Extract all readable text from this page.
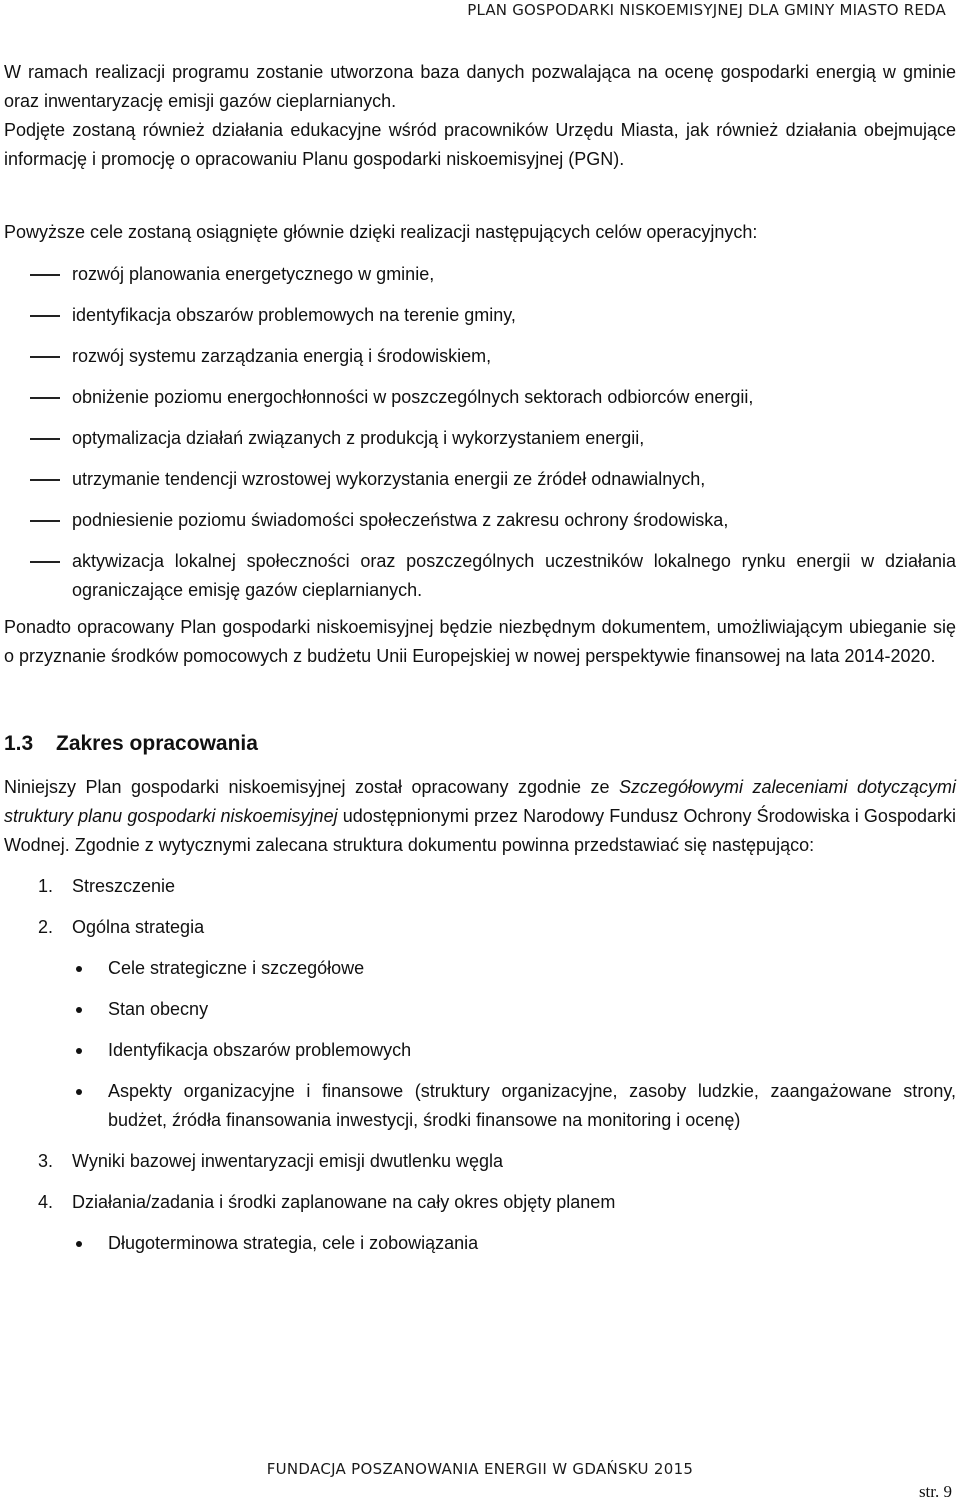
PLAN GOSPODARKI NISKOEMISYJNEJ DLA GMINY MIASTO REDA

W ramach realizacji programu zostanie utworzona baza danych pozwalająca na ocenę gospodarki energią w gminie oraz inwentaryzację emisji gazów cieplarnianych.

Podjęte zostaną również działania edukacyjne wśród pracowników Urzędu Miasta, jak również działania obejmujące informację i promocję o opracowaniu Planu gospodarki niskoemisyjnej (PGN).

Powyższe cele zostaną osiągnięte głównie dzięki realizacji następujących celów operacyjnych:

rozwój planowania energetycznego w gminie,
identyfikacja obszarów problemowych na terenie gminy,
rozwój systemu zarządzania energią i środowiskiem,
obniżenie poziomu energochłonności w poszczególnych sektorach odbiorców energii,
optymalizacja działań związanych z produkcją i wykorzystaniem energii,
utrzymanie tendencji wzrostowej wykorzystania energii ze źródeł odnawialnych,
podniesienie poziomu świadomości społeczeństwa z zakresu ochrony środowiska,
aktywizacja lokalnej społeczności oraz poszczególnych uczestników lokalnego rynku energii w działania ograniczające emisję gazów cieplarnianych.

Ponadto opracowany Plan gospodarki niskoemisyjnej będzie niezbędnym dokumentem, umożliwiającym ubieganie się o przyznanie środków pomocowych z budżetu Unii Europejskiej w nowej perspektywie finansowej na lata 2014-2020.

1.3 Zakres opracowania

Niniejszy Plan gospodarki niskoemisyjnej został opracowany zgodnie ze Szczegółowymi zaleceniami dotyczącymi struktury planu gospodarki niskoemisyjnej udostępnionymi przez Narodowy Fundusz Ochrony Środowiska i Gospodarki Wodnej. Zgodnie z wytycznymi zalecana struktura dokumentu powinna przedstawiać się następująco:

1. Streszczenie
2. Ogólna strategia
Cele strategiczne i szczegółowe
Stan obecny
Identyfikacja obszarów problemowych
Aspekty organizacyjne i finansowe (struktury organizacyjne, zasoby ludzkie, zaangażowane strony, budżet, źródła finansowania inwestycji, środki finansowe na monitoring i ocenę)
3. Wyniki bazowej inwentaryzacji emisji dwutlenku węgla
4. Działania/zadania i środki zaplanowane na cały okres objęty planem
Długoterminowa strategia, cele i zobowiązania
FUNDACJA POSZANOWANIA ENERGII W GDAŃSKU 2015
str. 9
